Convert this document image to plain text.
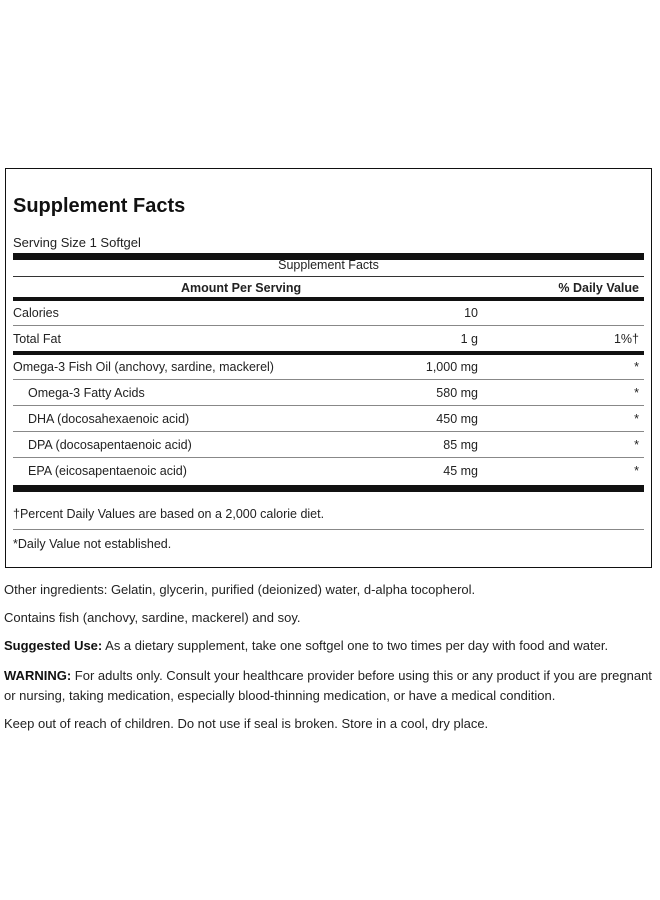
Supplement Facts
Serving Size 1 Softgel
Supplement Facts
Amount Per Serving	% Daily Value
Calories	10
Total Fat	1 g	1%†
Omega-3 Fish Oil (anchovy, sardine, mackerel)	1,000 mg	*
Omega-3 Fatty Acids	580 mg	*
DHA (docosahexaenoic acid)	450 mg	*
DPA (docosapentaenoic acid)	85 mg	*
EPA (eicosapentaenoic acid)	45 mg	*
†Percent Daily Values are based on a 2,000 calorie diet.
*Daily Value not established.

Other ingredients: Gelatin, glycerin, purified (deionized) water, d-alpha tocopherol.

Contains fish (anchovy, sardine, mackerel) and soy.

Suggested Use: As a dietary supplement, take one softgel one to two times per day with food and water.

WARNING: For adults only. Consult your healthcare provider before using this or any product if you are pregnant or nursing, taking medication, especially blood-thinning medication, or have a medical condition.

Keep out of reach of children. Do not use if seal is broken. Store in a cool, dry place.
